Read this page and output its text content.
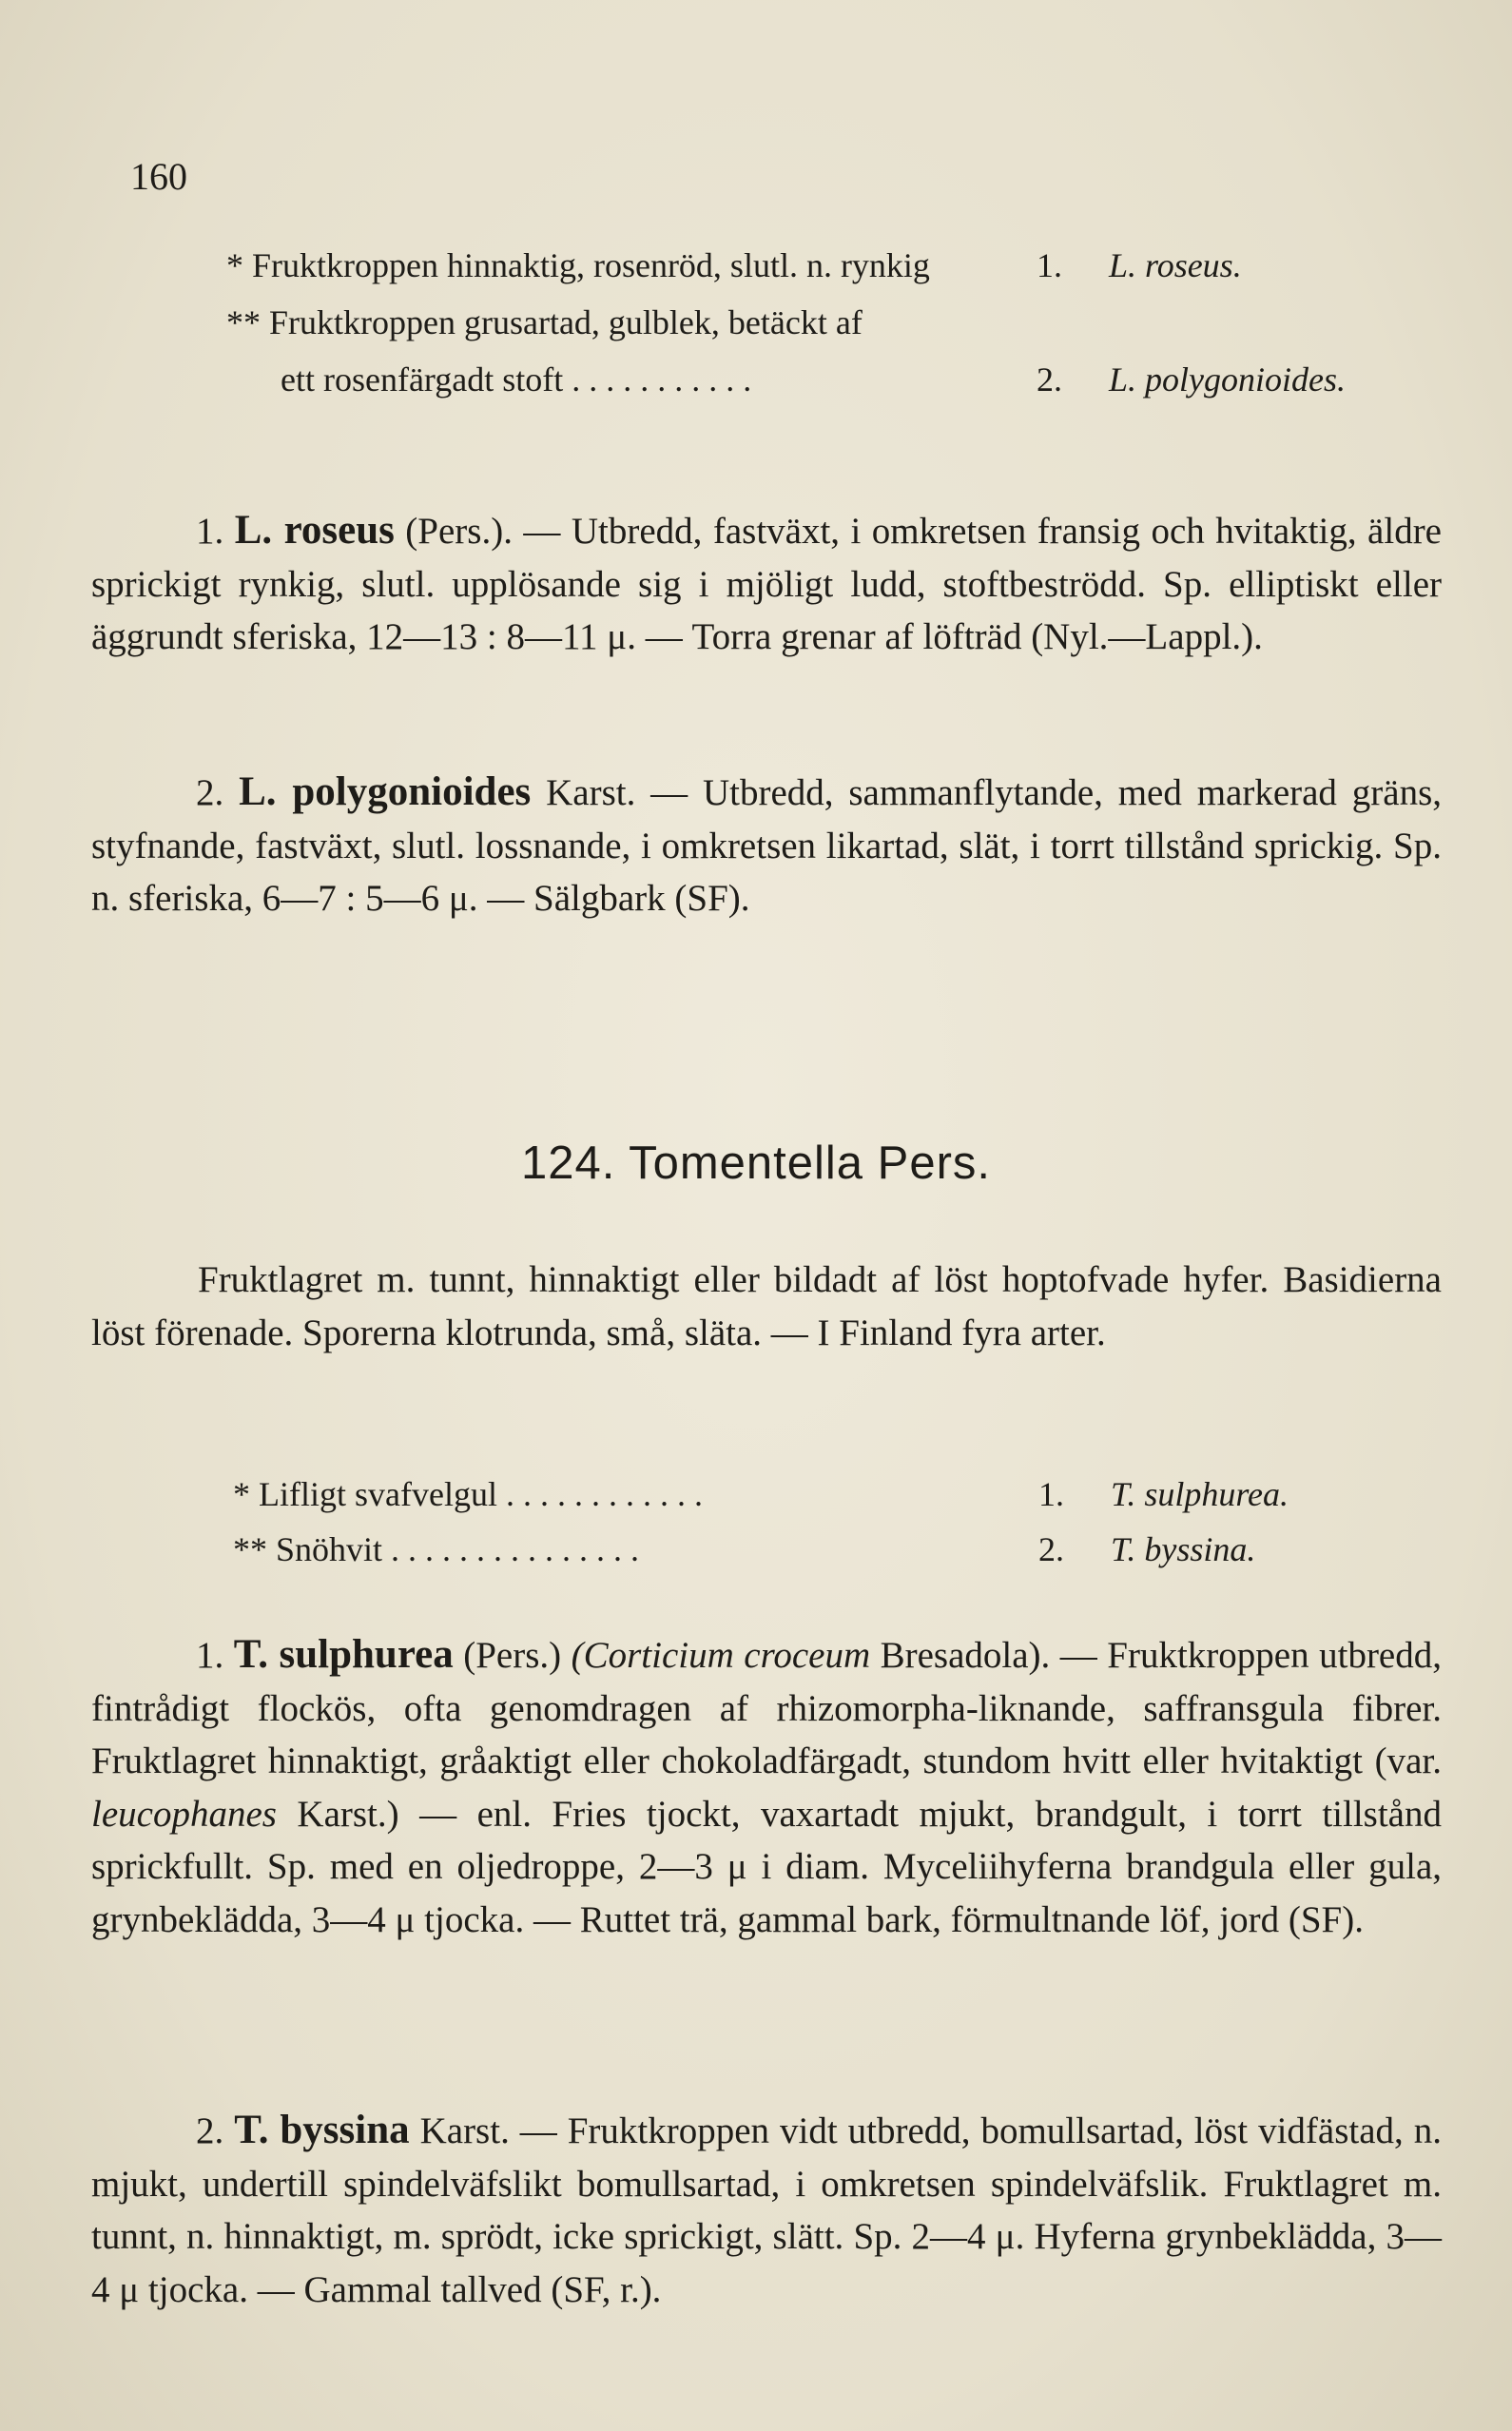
160
* Fruktkroppen hinnaktig, rosenröd, slutl. n. rynkig	1. L. roseus.
** Fruktkroppen grusartad, gulblek, betäckt af
ett rosenfärgadt stoft . . . . . . . . . . .	2. L. polygonioides.
1. L. roseus (Pers.). — Utbredd, fastväxt, i omkretsen fransig och hvitaktig, äldre sprickigt rynkig, slutl. upplösande sig i mjöligt ludd, stoftbeströdd. Sp. elliptiskt eller äggrundt sferiska, 12—13 : 8—11 μ. — Torra grenar af löfträd (Nyl.—Lappl.).
2. L. polygonioides Karst. — Utbredd, sammanflytande, med markerad gräns, styfnande, fastväxt, slutl. lossnande, i omkretsen likartad, slät, i torrt tillstånd sprickig. Sp. n. sferiska, 6—7 : 5—6 μ. — Sälgbark (SF).
124. Tomentella Pers.
Fruktlagret m. tunnt, hinnaktigt eller bildadt af löst hoptofvade hyfer. Basidierna löst förenade. Sporerna klotrunda, små, släta. — I Finland fyra arter.
* Lifligt svafvelgul . . . . . . . . . . . .	1. T. sulphurea.
** Snöhvit . . . . . . . . . . . . . . .	2. T. byssina.
1. T. sulphurea (Pers.) (Corticium croceum Bresadola). — Fruktkroppen utbredd, fintrådigt flockös, ofta genomdragen af rhizomorpha-liknande, saffransgula fibrer. Fruktlagret hinnaktigt, gråaktigt eller chokoladfärgadt, stundom hvitt eller hvitaktigt (var. leucophanes Karst.) — enl. Fries tjockt, vaxartadt mjukt, brandgult, i torrt tillstånd sprickfullt. Sp. med en oljedroppe, 2—3 μ i diam. Myceliihyferna brandgula eller gula, grynbeklädda, 3—4 μ tjocka. — Ruttet trä, gammal bark, förmultnande löf, jord (SF).
2. T. byssina Karst. — Fruktkroppen vidt utbredd, bomullsartad, löst vidfästad, n. mjukt, undertill spindelväfslikt bomullsartad, i omkretsen spindelväfslik. Fruktlagret m. tunnt, n. hinnaktigt, m. sprödt, icke sprickigt, slätt. Sp. 2—4 μ. Hyferna grynbeklädda, 3—4 μ tjocka. — Gammal tallved (SF, r.).
